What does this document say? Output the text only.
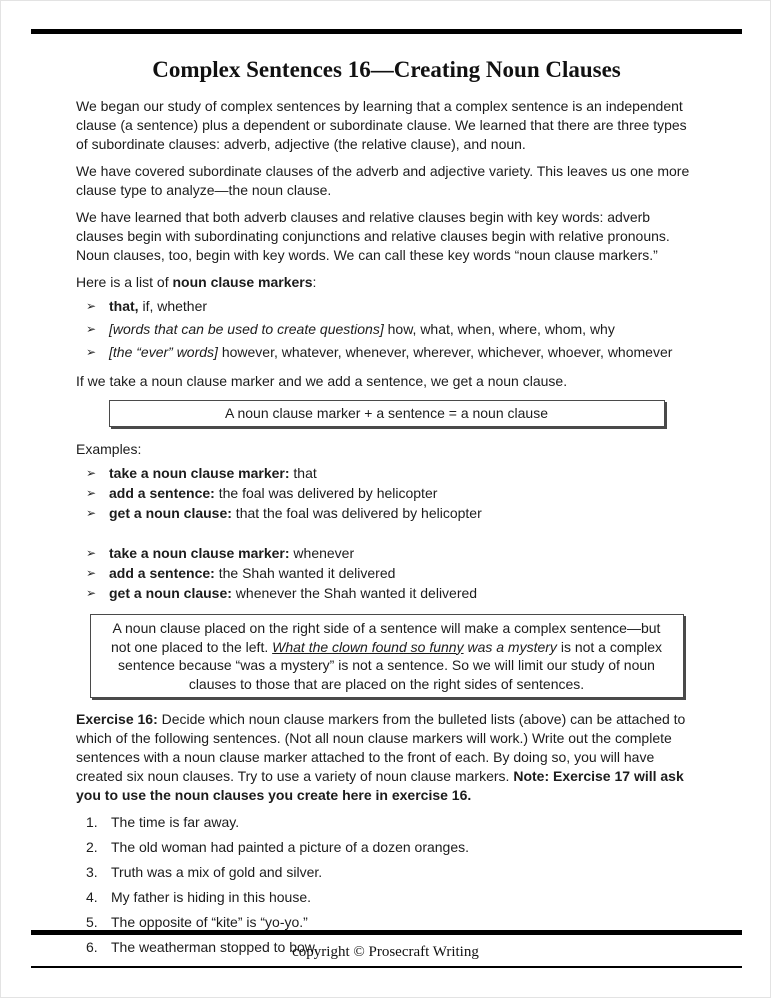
Complex Sentences 16—Creating Noun Clauses

We began our study of complex sentences by learning that a complex sentence is an independent clause (a sentence) plus a dependent or subordinate clause. We learned that there are three types of subordinate clauses: adverb, adjective (the relative clause), and noun.

We have covered subordinate clauses of the adverb and adjective variety. This leaves us one more clause type to analyze—the noun clause.

We have learned that both adverb clauses and relative clauses begin with key words: adverb clauses begin with subordinating conjunctions and relative clauses begin with relative pronouns. Noun clauses, too, begin with key words. We can call these key words “noun clause markers.”

Here is a list of noun clause markers:

➢ that, if, whether
➢ [words that can be used to create questions] how, what, when, where, whom, why
➢ [the “ever” words] however, whatever, whenever, wherever, whichever, whoever, whomever

If we take a noun clause marker and we add a sentence, we get a noun clause.

A noun clause marker + a sentence = a noun clause

Examples:

➢ take a noun clause marker: that
➢ add a sentence: the foal was delivered by helicopter
➢ get a noun clause: that the foal was delivered by helicopter
➢ take a noun clause marker: whenever
➢ add a sentence: the Shah wanted it delivered
➢ get a noun clause: whenever the Shah wanted it delivered
A noun clause placed on the right side of a sentence will make a complex sentence—but not one placed to the left. What the clown found so funny was a mystery is not a complex sentence because “was a mystery” is not a sentence. So we will limit our study of noun clauses to those that are placed on the right sides of sentences.

Exercise 16: Decide which noun clause markers from the bulleted lists (above) can be attached to which of the following sentences. (Not all noun clause markers will work.) Write out the complete sentences with a noun clause marker attached to the front of each. By doing so, you will have created six noun clauses. Try to use a variety of noun clause markers. Note: Exercise 17 will ask you to use the noun clauses you create here in exercise 16.

1. The time is far away.
2. The old woman had painted a picture of a dozen oranges.
3. Truth was a mix of gold and silver.
4. My father is hiding in this house.
5. The opposite of “kite” is “yo-yo.”
6. The weatherman stopped to bow.
copyright © Prosecraft Writing
